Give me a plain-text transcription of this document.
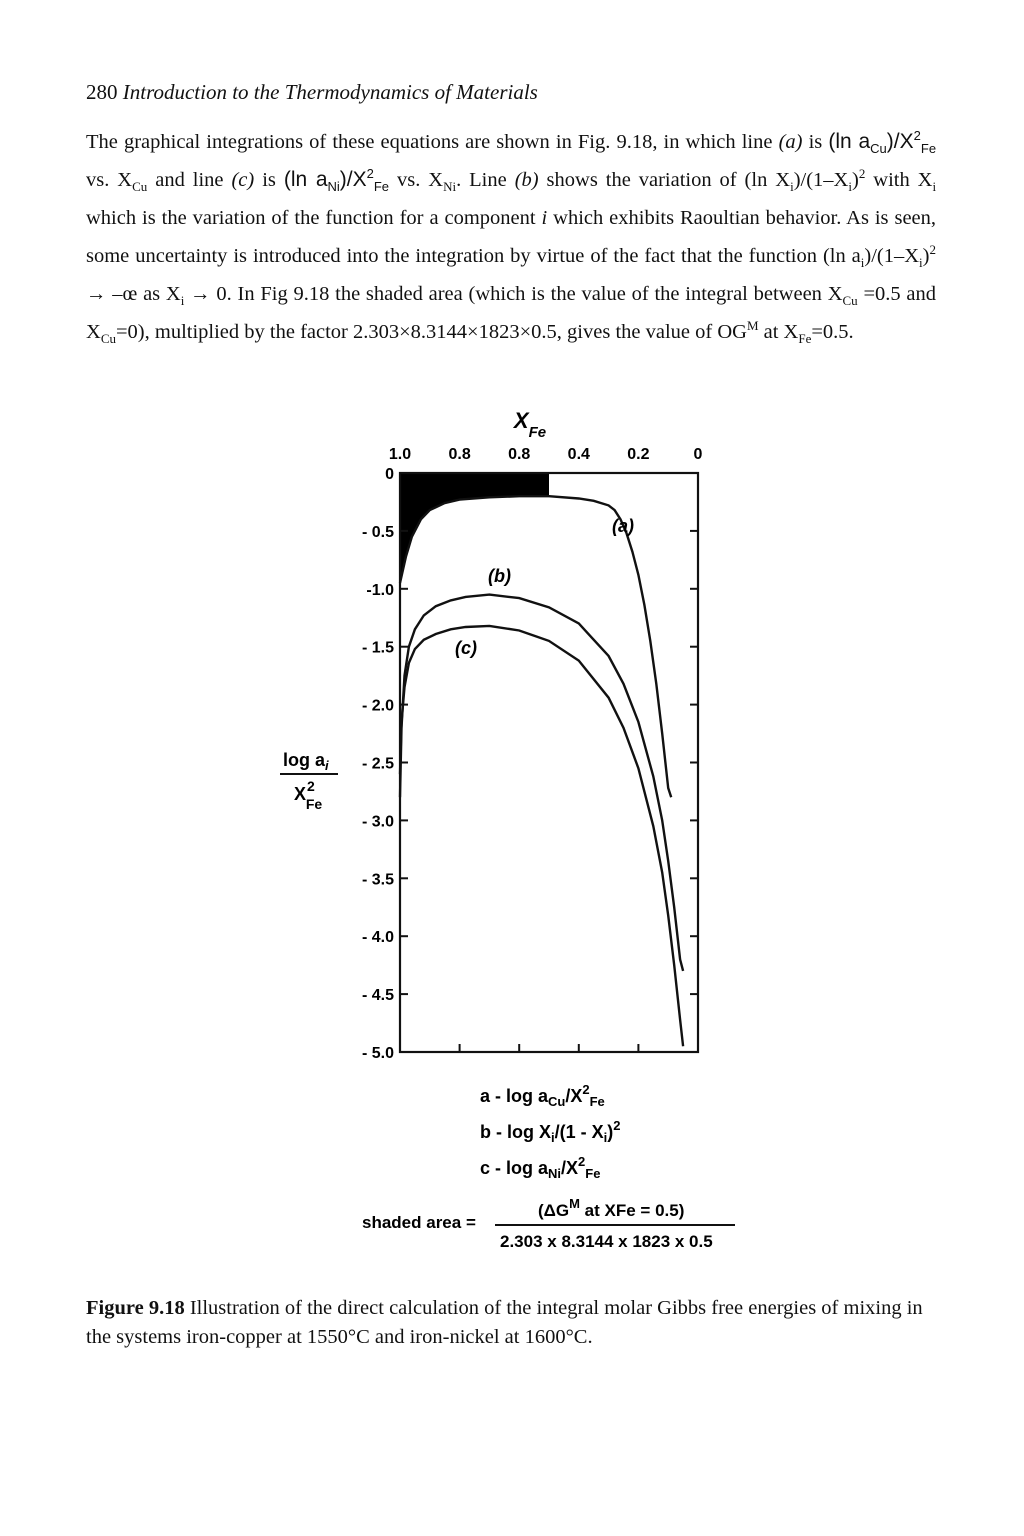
280 Introduction to the Thermodynamics of Materials
The graphical integrations of these equations are shown in Fig. 9.18, in which line (a) is (ln $a_{Cu})/X^2_{Fe}$ vs. $X_{Cu}$ and line (c) is (ln $a_{Ni})/X^2_{Fe}$ vs. $X_{Ni}$. Line (b) shows the variation of (ln $X_i)/(1-X_i)^2$ with $X_i$ which is the variation of the function for a component i which exhibits Raoultian behavior. As is seen, some uncertainty is introduced into the integration by virtue of the fact that the function (ln $a_i)/(1-X_i)^2$ → –œ as $X_i \to 0$. In Fig 9.18 the shaded area (which is the value of the integral between $X_{Cu} =0.5$ and $X_{Cu}=0$), multiplied by the factor 2.303×8.3144×1823×0.5, gives the value of $OG^M$ at $X_{Fe}=0.5$.
$X_{Fe}$
1.0 0.8 0.8 0.4 0.2	0
0
- 0.5
-1.0
- 1.5
- 2.0
- 2.5
- 3.0
- 3.5
- 4.0
- 4.5
- 5.0
(a)
(b)
(c)
$\log a_i$
$X^2$ Fe
a - $\log a_{Cu}/X^2_{Fe}$
b - $\log X_i/(1 - X_i)^2$
c - $\log a_{Ni}/X^2_{Fe}$
shaded area =
($\Delta G^M$ at XFe = 0.5)
2.303 x 8.3144 x 1823 x 0.5
Figure 9.18 Illustration of the direct calculation of the integral molar Gibbs free energies of mixing in the systems iron-copper at 1550°C and iron-nickel at 1600°C.
